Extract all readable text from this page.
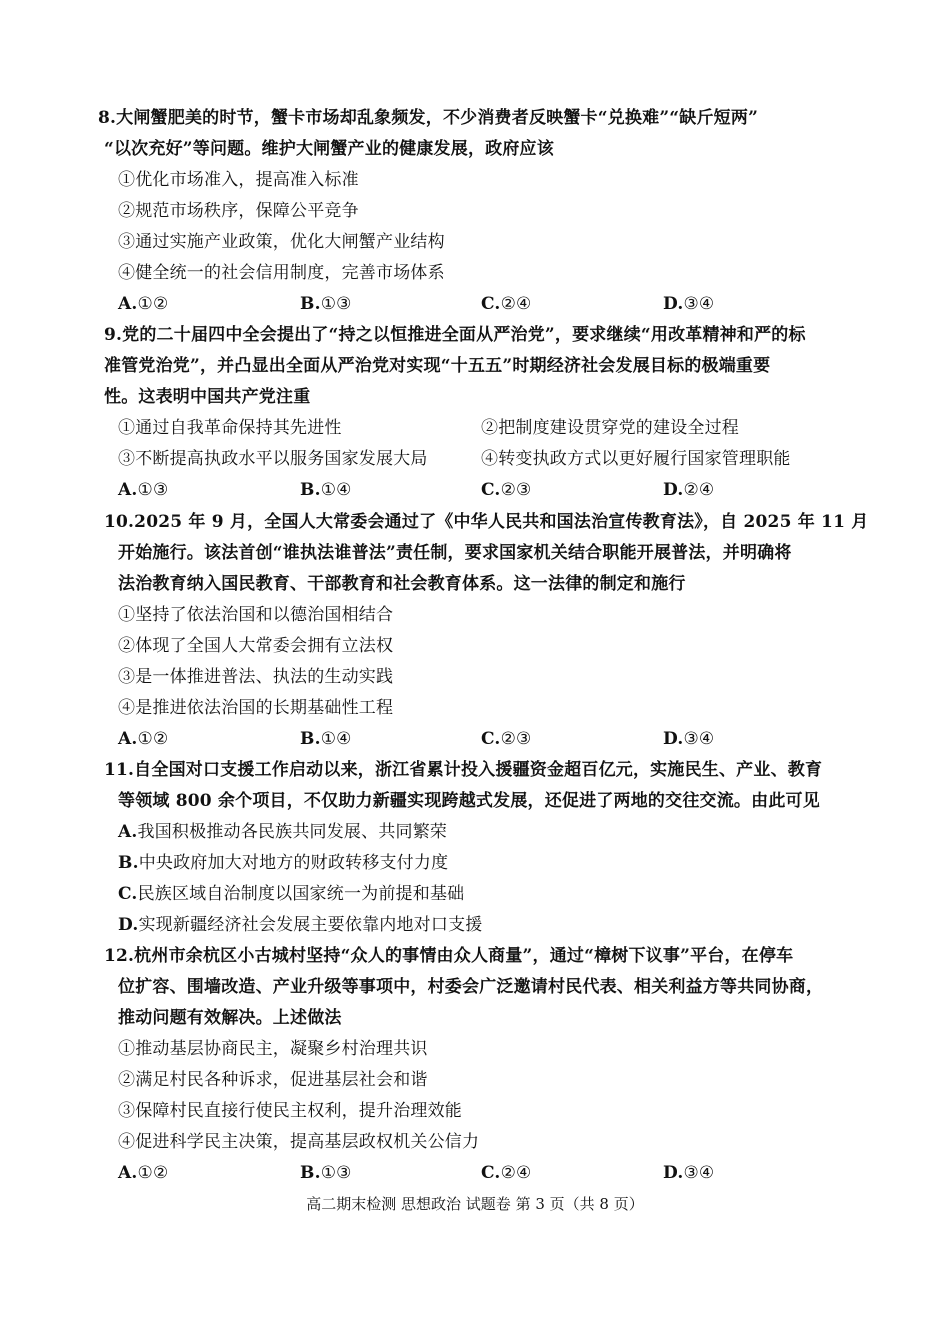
8.大闸蟹肥美的时节，蟹卡市场却乱象频发，不少消费者反映蟹卡“兑换难”“缺斤短两”
“以次充好”等问题。维护大闸蟹产业的健康发展，政府应该
①优化市场准入，提高准入标准
②规范市场秩序，保障公平竞争
③通过实施产业政策，优化大闸蟹产业结构
④健全统一的社会信用制度，完善市场体系
A.①②	B.①③	C.②④	D.③④
9.党的二十届四中全会提出了“持之以恒推进全面从严治党”，要求继续“用改革精神和严的标
准管党治党”，并凸显出全面从严治党对实现“十五五”时期经济社会发展目标的极端重要
性。这表明中国共产党注重
①通过自我革命保持其先进性	②把制度建设贯穿党的建设全过程
③不断提高执政水平以服务国家发展大局	④转变执政方式以更好履行国家管理职能
A.①③	B.①④	C.②③	D.②④
10.2025 年 9 月，全国人大常委会通过了《中华人民共和国法治宣传教育法》，自 2025 年 11 月
开始施行。该法首创“谁执法谁普法”责任制，要求国家机关结合职能开展普法，并明确将
法治教育纳入国民教育、干部教育和社会教育体系。这一法律的制定和施行
①坚持了依法治国和以德治国相结合
②体现了全国人大常委会拥有立法权
③是一体推进普法、执法的生动实践
④是推进依法治国的长期基础性工程
A.①②	B.①④	C.②③	D.③④
11.自全国对口支援工作启动以来，浙江省累计投入援疆资金超百亿元，实施民生、产业、教育
等领域 800 余个项目，不仅助力新疆实现跨越式发展，还促进了两地的交往交流。由此可见
A.我国积极推动各民族共同发展、共同繁荣
B.中央政府加大对地方的财政转移支付力度
C.民族区域自治制度以国家统一为前提和基础
D.实现新疆经济社会发展主要依靠内地对口支援
12.杭州市余杭区小古城村坚持“众人的事情由众人商量”，通过“樟树下议事”平台，在停车
位扩容、围墙改造、产业升级等事项中，村委会广泛邀请村民代表、相关利益方等共同协商，
推动问题有效解决。上述做法
①推动基层协商民主，凝聚乡村治理共识
②满足村民各种诉求，促进基层社会和谐
③保障村民直接行使民主权利，提升治理效能
④促进科学民主决策，提高基层政权机关公信力
A.①②	B.①③	C.②④	D.③④
高二期末检测 思想政治 试题卷 第 3 页（共 8 页）
